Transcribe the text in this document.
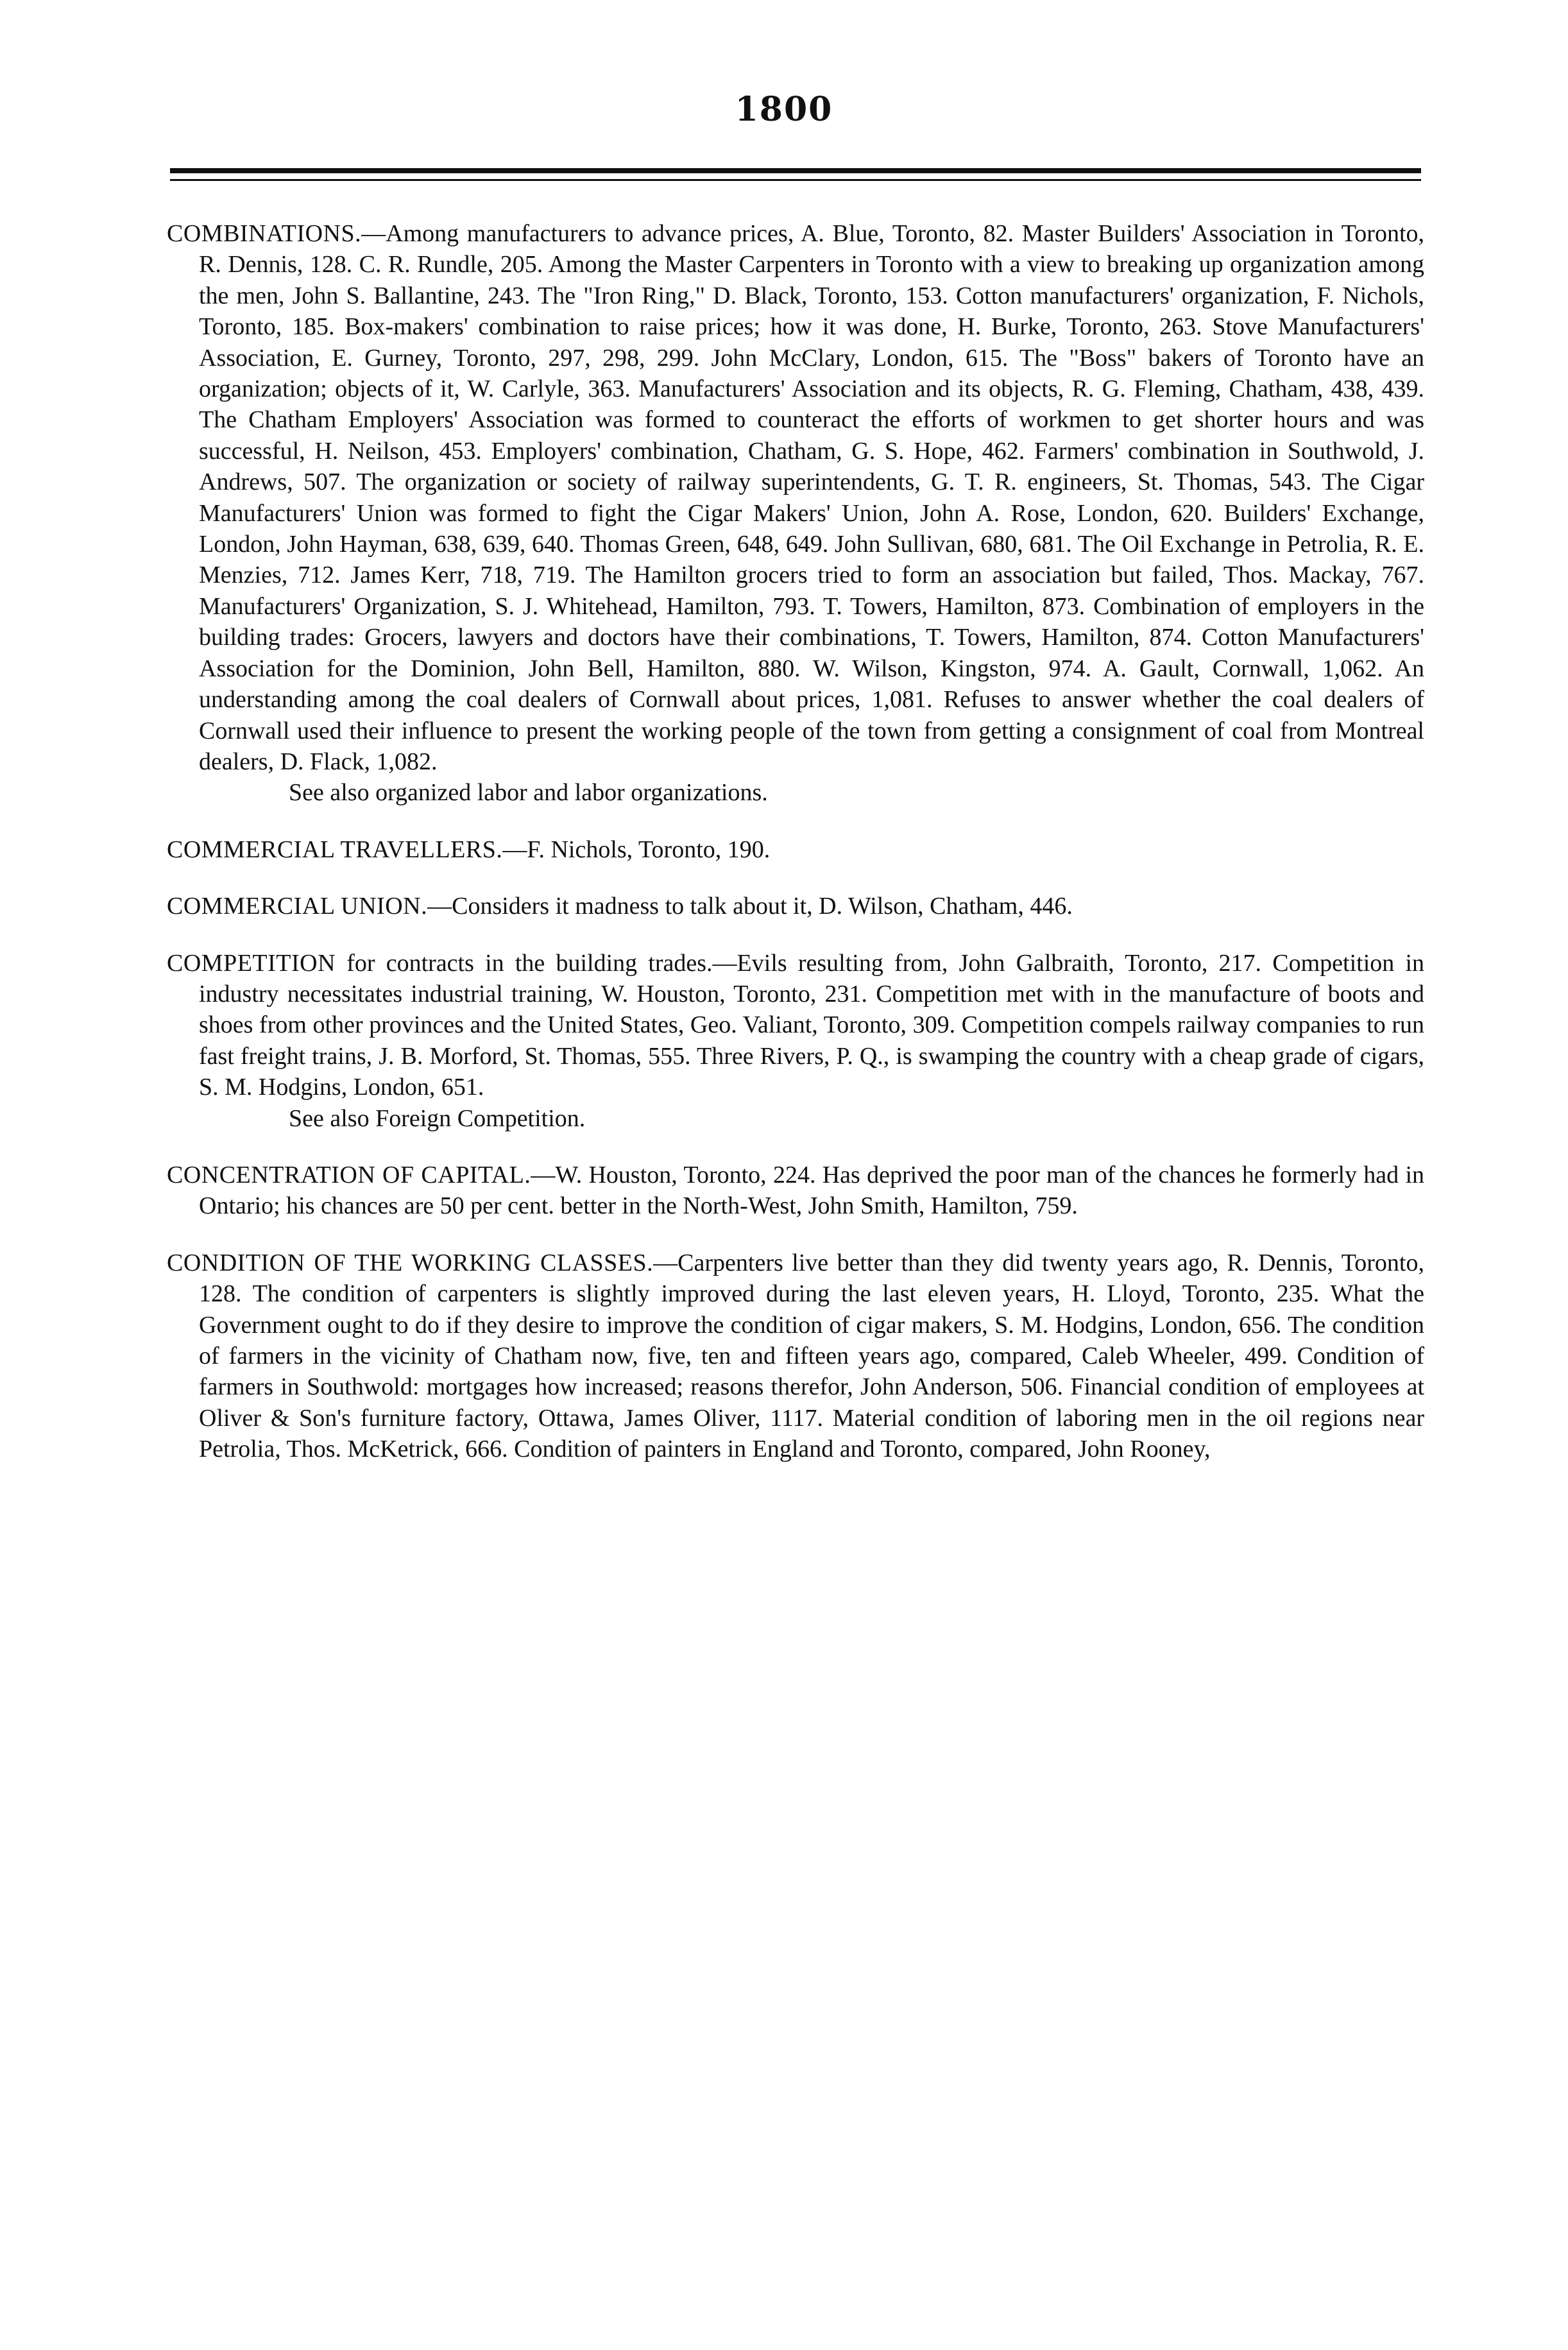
1800
COMBINATIONS.—Among manufacturers to advance prices, A. Blue, Toronto, 82. Master Builders' Association in Toronto, R. Dennis, 128. C. R. Rundle, 205. Among the Master Carpenters in Toronto with a view to breaking up organization among the men, John S. Ballantine, 243. The "Iron Ring," D. Black, Toronto, 153. Cotton manufacturers' organization, F. Nichols, Toronto, 185. Box-makers' combination to raise prices; how it was done, H. Burke, Toronto, 263. Stove Manufacturers' Association, E. Gurney, Toronto, 297, 298, 299. John McClary, London, 615. The "Boss" bakers of Toronto have an organization; objects of it, W. Carlyle, 363. Manufacturers' Association and its objects, R. G. Fleming, Chatham, 438, 439. The Chatham Employers' Association was formed to counteract the efforts of workmen to get shorter hours and was successful, H. Neilson, 453. Employers' combination, Chatham, G. S. Hope, 462. Farmers' combination in Southwold, J. Andrews, 507. The organization or society of railway superintendents, G. T. R. engineers, St. Thomas, 543. The Cigar Manufacturers' Union was formed to fight the Cigar Makers' Union, John A. Rose, London, 620. Builders' Exchange, London, John Hayman, 638, 639, 640. Thomas Green, 648, 649. John Sullivan, 680, 681. The Oil Exchange in Petrolia, R. E. Menzies, 712. James Kerr, 718, 719. The Hamilton grocers tried to form an association but failed, Thos. Mackay, 767. Manufacturers' Organization, S. J. Whitehead, Hamilton, 793. T. Towers, Hamilton, 873. Combination of employers in the building trades: Grocers, lawyers and doctors have their combinations, T. Towers, Hamilton, 874. Cotton Manufacturers' Association for the Dominion, John Bell, Hamilton, 880. W. Wilson, Kingston, 974. A. Gault, Cornwall, 1,062. An understanding among the coal dealers of Cornwall about prices, 1,081. Refuses to answer whether the coal dealers of Cornwall used their influence to present the working people of the town from getting a consignment of coal from Montreal dealers, D. Flack, 1,082.
See also organized labor and labor organizations.
COMMERCIAL TRAVELLERS.—F. Nichols, Toronto, 190.
COMMERCIAL UNION.—Considers it madness to talk about it, D. Wilson, Chatham, 446.
COMPETITION for contracts in the building trades.—Evils resulting from, John Galbraith, Toronto, 217. Competition in industry necessitates industrial training, W. Houston, Toronto, 231. Competition met with in the manufacture of boots and shoes from other provinces and the United States, Geo. Valiant, Toronto, 309. Competition compels railway companies to run fast freight trains, J. B. Morford, St. Thomas, 555. Three Rivers, P. Q., is swamping the country with a cheap grade of cigars, S. M. Hodgins, London, 651.
See also Foreign Competition.
CONCENTRATION OF CAPITAL.—W. Houston, Toronto, 224. Has deprived the poor man of the chances he formerly had in Ontario; his chances are 50 per cent. better in the North-West, John Smith, Hamilton, 759.
CONDITION OF THE WORKING CLASSES.—Carpenters live better than they did twenty years ago, R. Dennis, Toronto, 128. The condition of carpenters is slightly improved during the last eleven years, H. Lloyd, Toronto, 235. What the Government ought to do if they desire to improve the condition of cigar makers, S. M. Hodgins, London, 656. The condition of farmers in the vicinity of Chatham now, five, ten and fifteen years ago, compared, Caleb Wheeler, 499. Condition of farmers in Southwold: mortgages how increased; reasons therefor, John Anderson, 506. Financial condition of employees at Oliver & Son's furniture factory, Ottawa, James Oliver, 1117. Material condition of laboring men in the oil regions near Petrolia, Thos. McKetrick, 666. Condition of painters in England and Toronto, compared, John Rooney,
